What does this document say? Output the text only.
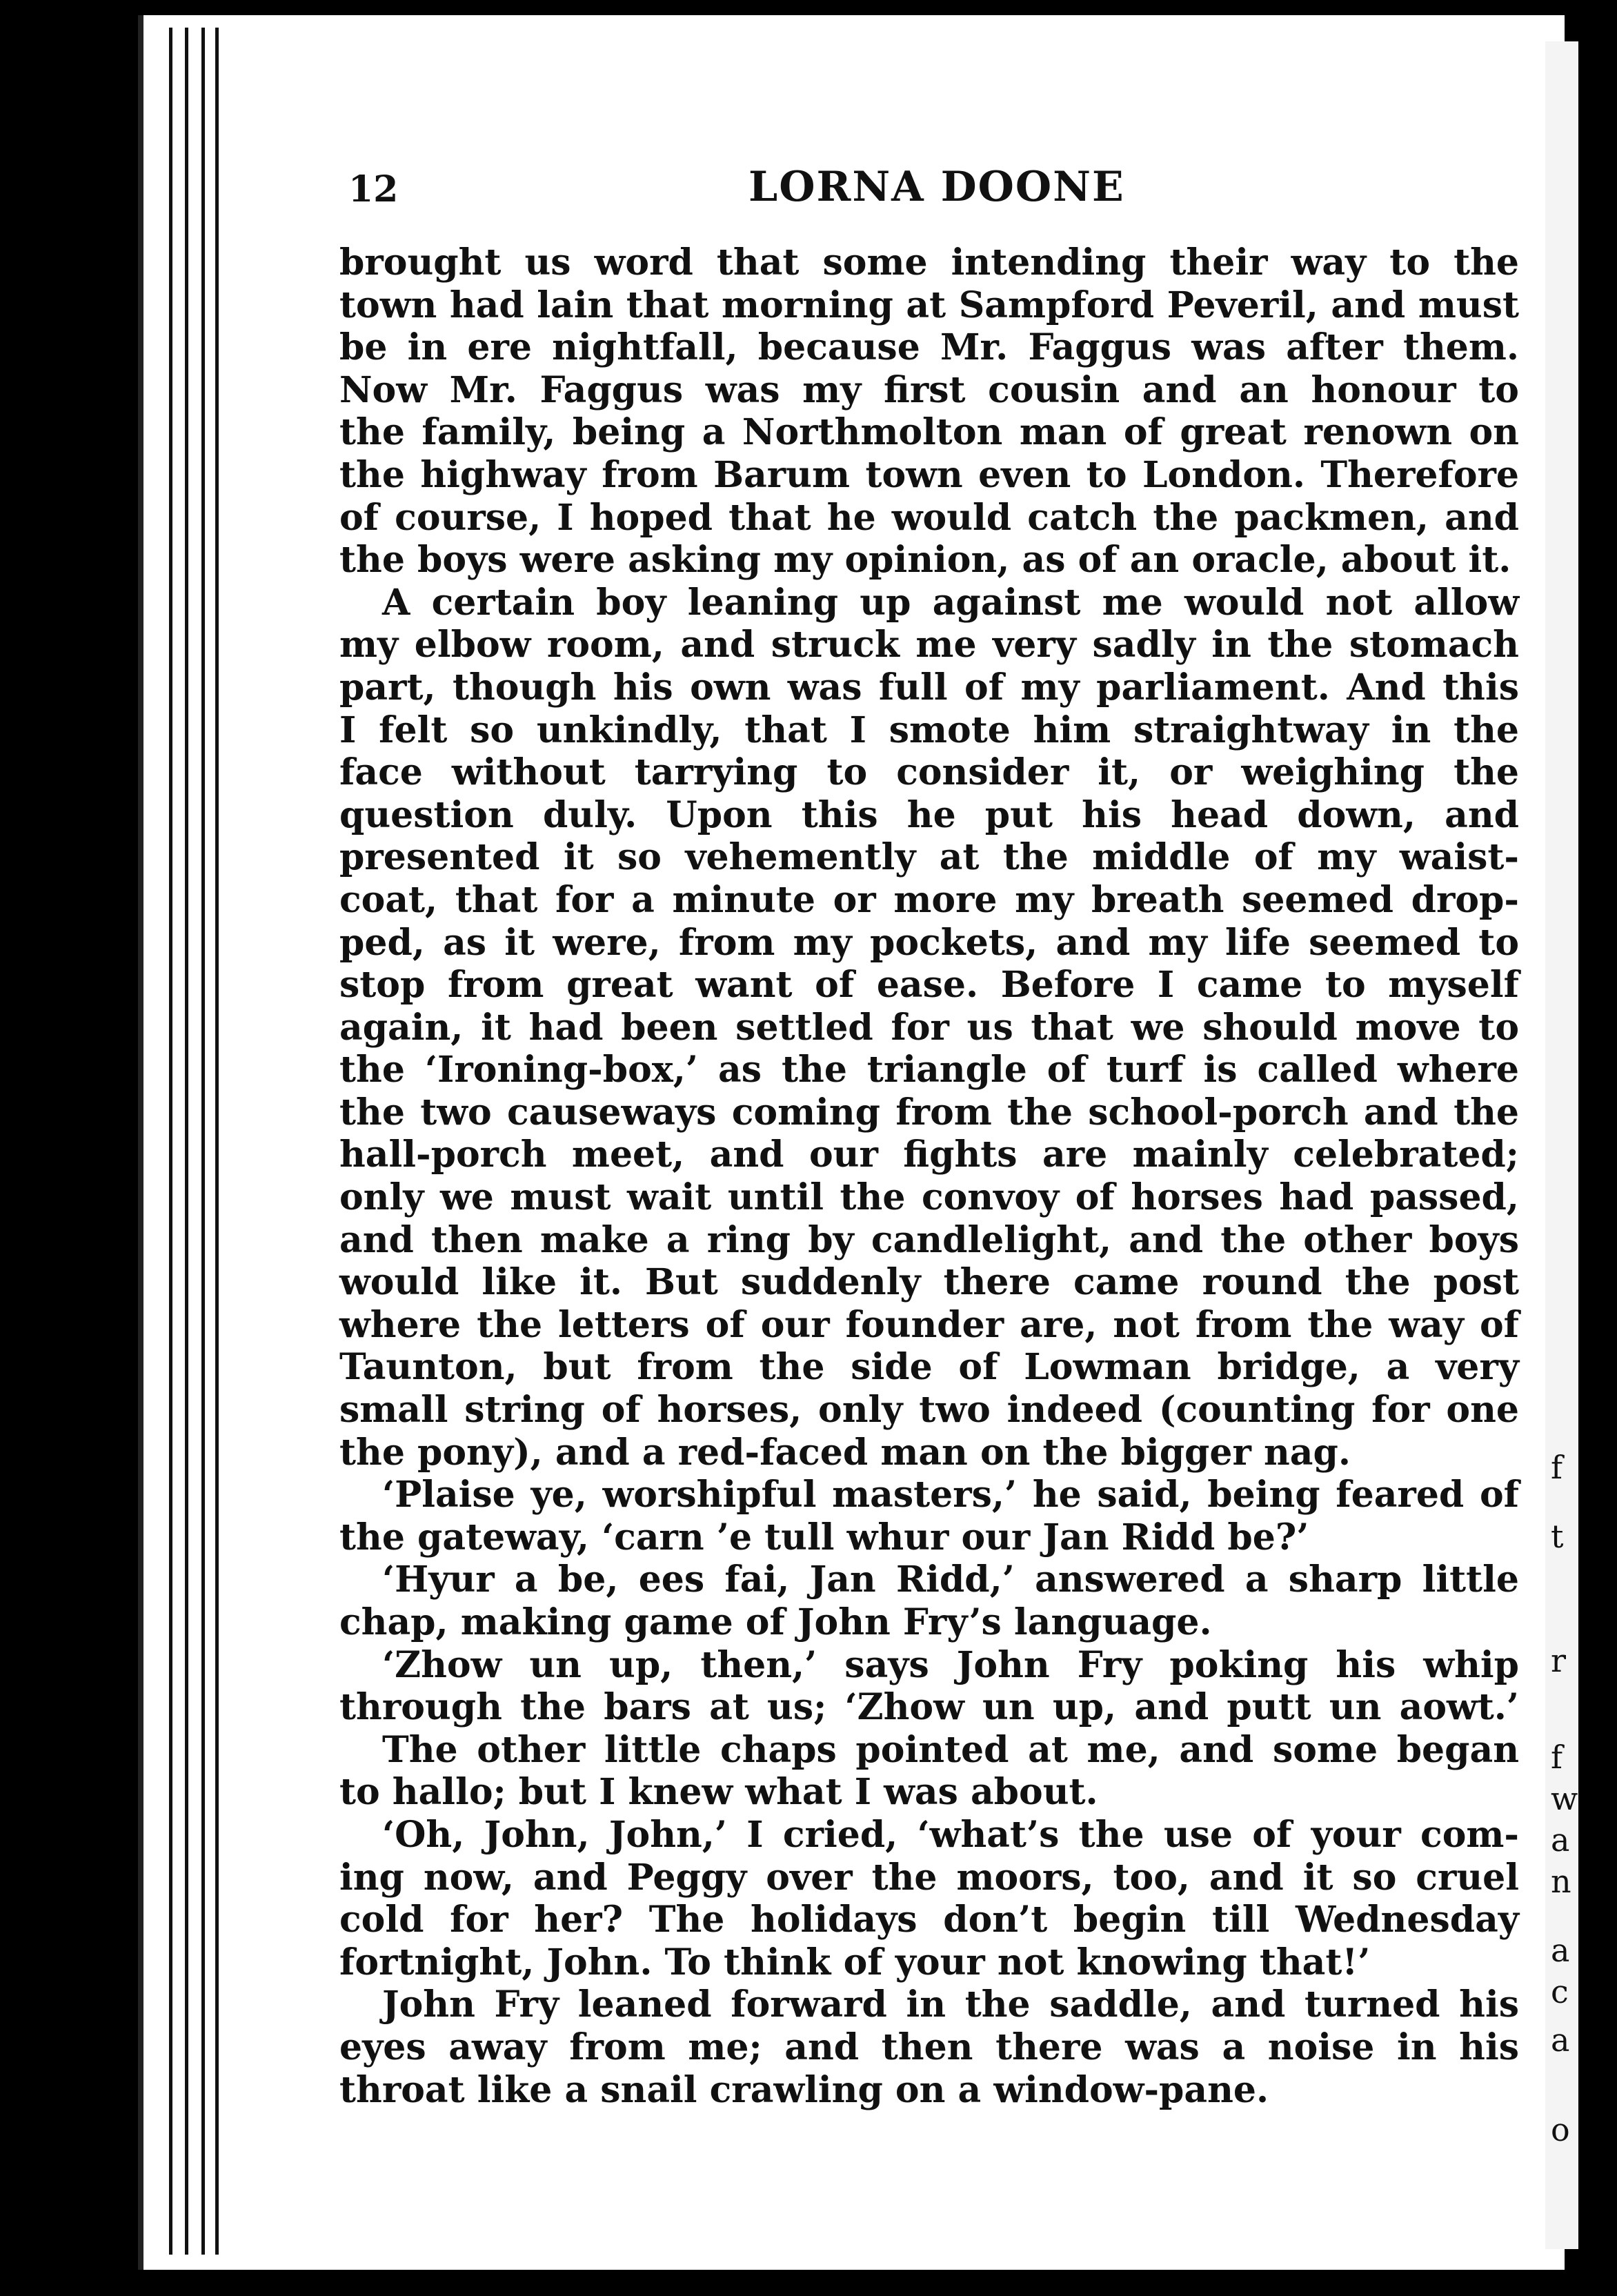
f
t
r
f
w
a
n
a
c
a
o
12	LORNA DOONE
brought us word that some intending their way to the
town had lain that morning at Sampford Peveril, and must
be in ere nightfall, because Mr. Faggus was after them.
Now Mr. Faggus was my first cousin and an honour to
the family, being a Northmolton man of great renown on
the highway from Barum town even to London. Therefore
of course, I hoped that he would catch the packmen, and
the boys were asking my opinion, as of an oracle, about it.
A certain boy leaning up against me would not allow
my elbow room, and struck me very sadly in the stomach
part, though his own was full of my parliament. And this
I felt so unkindly, that I smote him straightway in the
face without tarrying to consider it, or weighing the
question duly. Upon this he put his head down, and
presented it so vehemently at the middle of my waist-
coat, that for a minute or more my breath seemed drop-
ped, as it were, from my pockets, and my life seemed to
stop from great want of ease. Before I came to myself
again, it had been settled for us that we should move to
the ‘Ironing-box,’ as the triangle of turf is called where
the two causeways coming from the school-porch and the
hall-porch meet, and our fights are mainly celebrated;
only we must wait until the convoy of horses had passed,
and then make a ring by candlelight, and the other boys
would like it. But suddenly there came round the post
where the letters of our founder are, not from the way of
Taunton, but from the side of Lowman bridge, a very
small string of horses, only two indeed (counting for one
the pony), and a red-faced man on the bigger nag.
‘Plaise ye, worshipful masters,’ he said, being feared of
the gateway, ‘carn ’e tull whur our Jan Ridd be?’
‘Hyur a be, ees fai, Jan Ridd,’ answered a sharp little
chap, making game of John Fry’s language.
‘Zhow un up, then,’ says John Fry poking his whip
through the bars at us; ‘Zhow un up, and putt un aowt.’
The other little chaps pointed at me, and some began
to hallo; but I knew what I was about.
‘Oh, John, John,’ I cried, ‘what’s the use of your com-
ing now, and Peggy over the moors, too, and it so cruel
cold for her? The holidays don’t begin till Wednesday
fortnight, John. To think of your not knowing that!’
John Fry leaned forward in the saddle, and turned his
eyes away from me; and then there was a noise in his
throat like a snail crawling on a window-pane.
